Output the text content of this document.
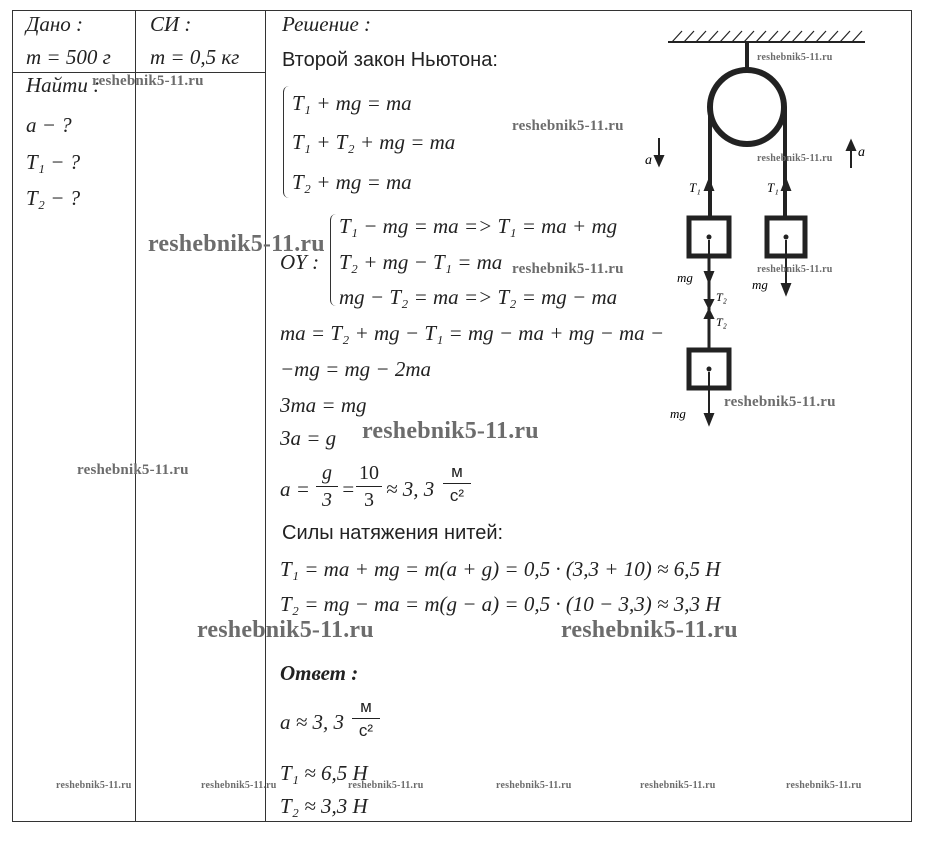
Дано :
m = 500 г
Найти :
a − ?
T₁ − ?
T₂ − ?
СИ :
m = 0,5 кг
Решение :
Второй закон Ньютона:
T₁ + mg = ma
T₁ + T₂ + mg = ma
T₂ + mg = ma
OY :
T₁ − mg = ma => T₁ = ma + mg
T₂ + mg − T₁ = ma
mg − T₂ = ma => T₂ = mg − ma
ma = T₂ + mg − T₁ = mg − ma + mg − ma −
−mg = mg − 2ma
3ma = mg
3a = g
$a = \frac{g}{3} = \frac{10}{3} \approx 3$, 3
м
с²
Силы натяжения нитей:
T₁ = ma + mg = m(a + g) = 0,5 · (3,3 + 10) ≈ 6,5 Н
T₂ = mg − ma = m(g − a) = 0,5 · (10 − 3,3) ≈ 3,3 Н
Ответ :
a ≈ 3, 3
м
с²
T₁ ≈ 6,5 Н
T₂ ≈ 3,3 Н
a
a
T₁	T₁
mg	mg
T₂
T₂
mg
reshebnik5-11.ru
reshebnik5-11.ru
reshebnik5-11.ru
reshebnik5-11.ru
reshebnik5-11.ru
reshebnik5-11.ru	reshebnik5-11.ru
reshebnik5-11.ru
reshebnik5-11.ru
reshebnik5-11.ru
reshebnik5-11.ru	reshebnik5-11.ru
reshebnik5-11.ru	reshebnik5-11.ru	reshebnik5-11.ru	reshebnik5-11.ru	reshebnik5-11.ru	reshebnik5-11.ru
